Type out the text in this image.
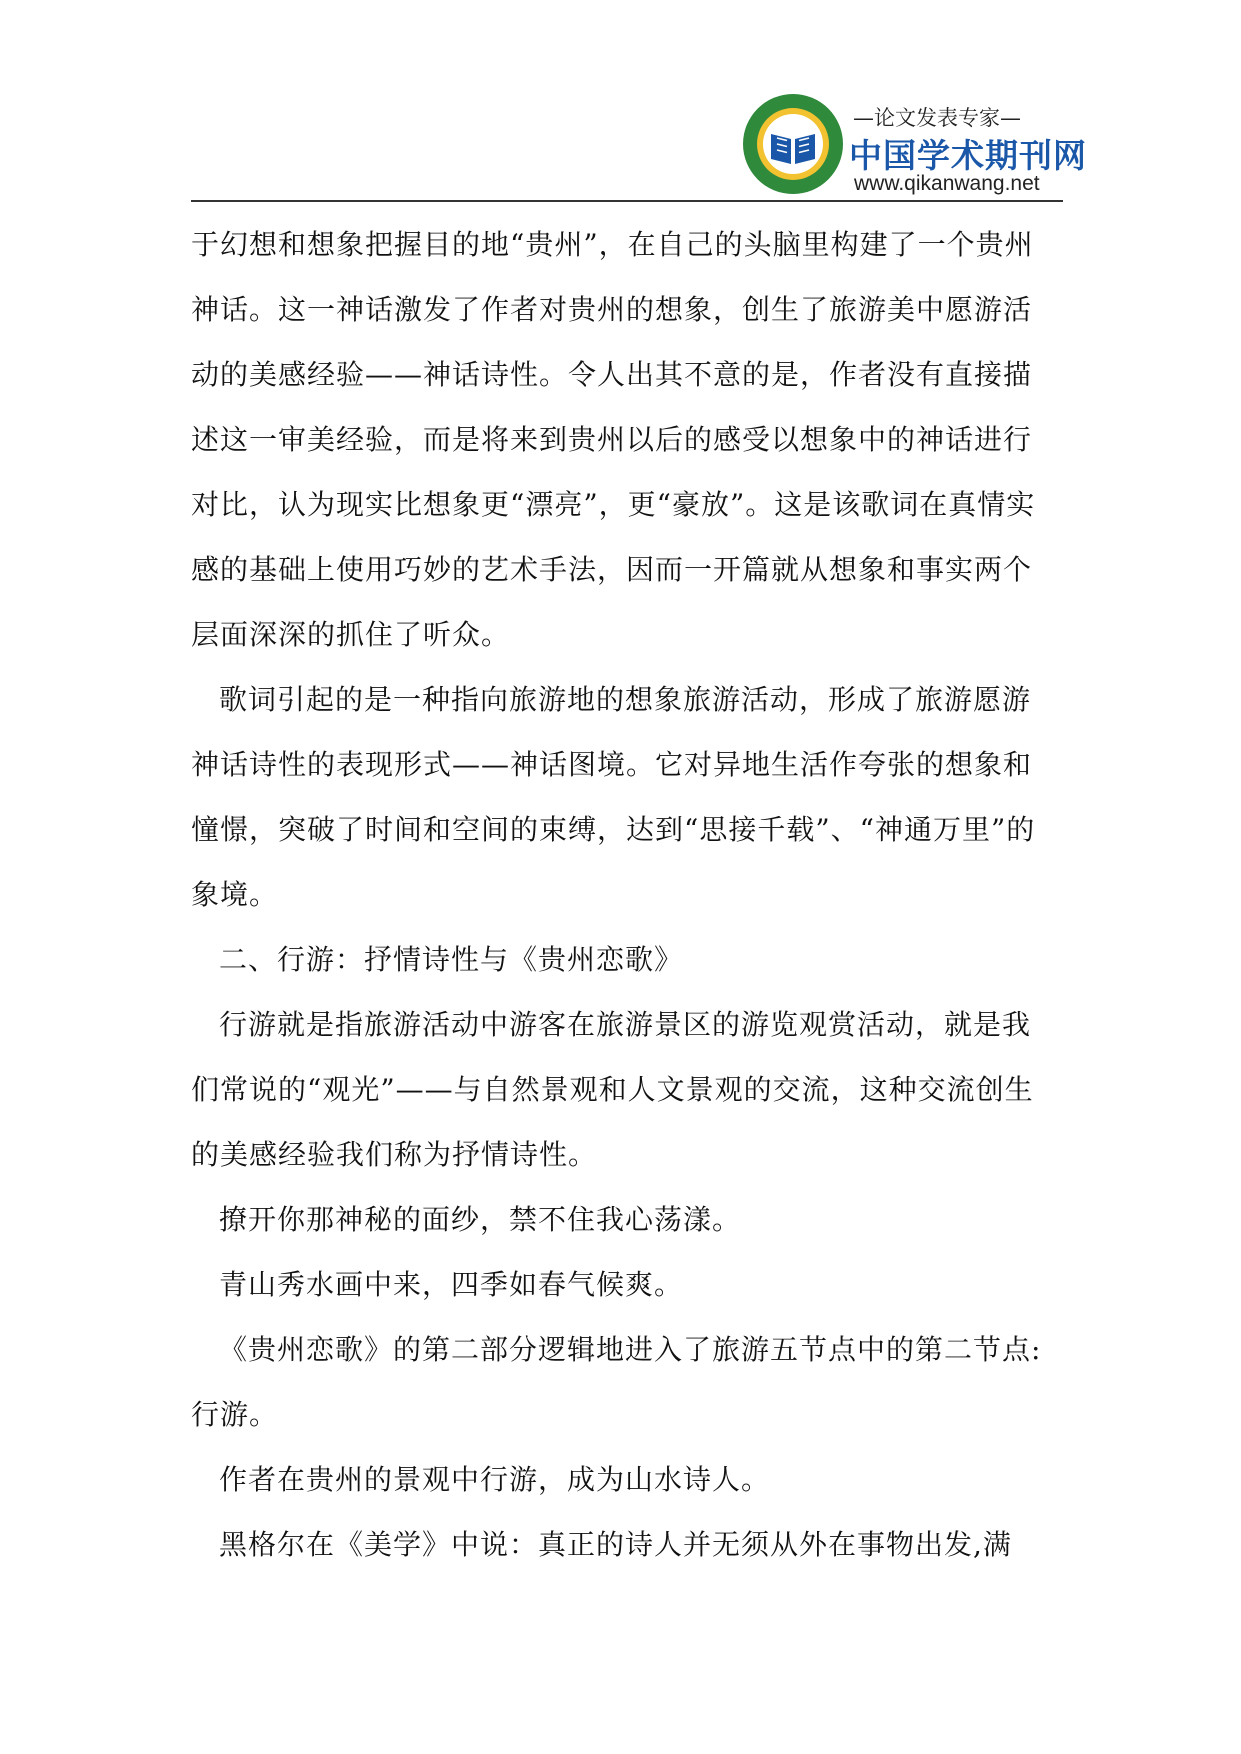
—论文发表专家—
中国学术期刊网
www.qikanwang.net

于幻想和想象把握目的地“贵州”，在自己的头脑里构建了一个贵州神话。这一神话激发了作者对贵州的想象，创生了旅游美中愿游活动的美感经验——神话诗性。令人出其不意的是，作者没有直接描述这一审美经验，而是将来到贵州以后的感受以想象中的神话进行对比，认为现实比想象更“漂亮”，更“豪放”。这是该歌词在真情实感的基础上使用巧妙的艺术手法，因而一开篇就从想象和事实两个层面深深的抓住了听众。

歌词引起的是一种指向旅游地的想象旅游活动，形成了旅游愿游神话诗性的表现形式——神话图境。它对异地生活作夸张的想象和憧憬，突破了时间和空间的束缚，达到“思接千载”、“神通万里”的象境。

二、行游：抒情诗性与《贵州恋歌》

行游就是指旅游活动中游客在旅游景区的游览观赏活动，就是我们常说的“观光”——与自然景观和人文景观的交流，这种交流创生的美感经验我们称为抒情诗性。

撩开你那神秘的面纱，禁不住我心荡漾。

青山秀水画中来，四季如春气候爽。

《贵州恋歌》的第二部分逻辑地进入了旅游五节点中的第二节点:行游。

作者在贵州的景观中行游，成为山水诗人。

黑格尔在《美学》中说：真正的诗人并无须从外在事物出发,满
